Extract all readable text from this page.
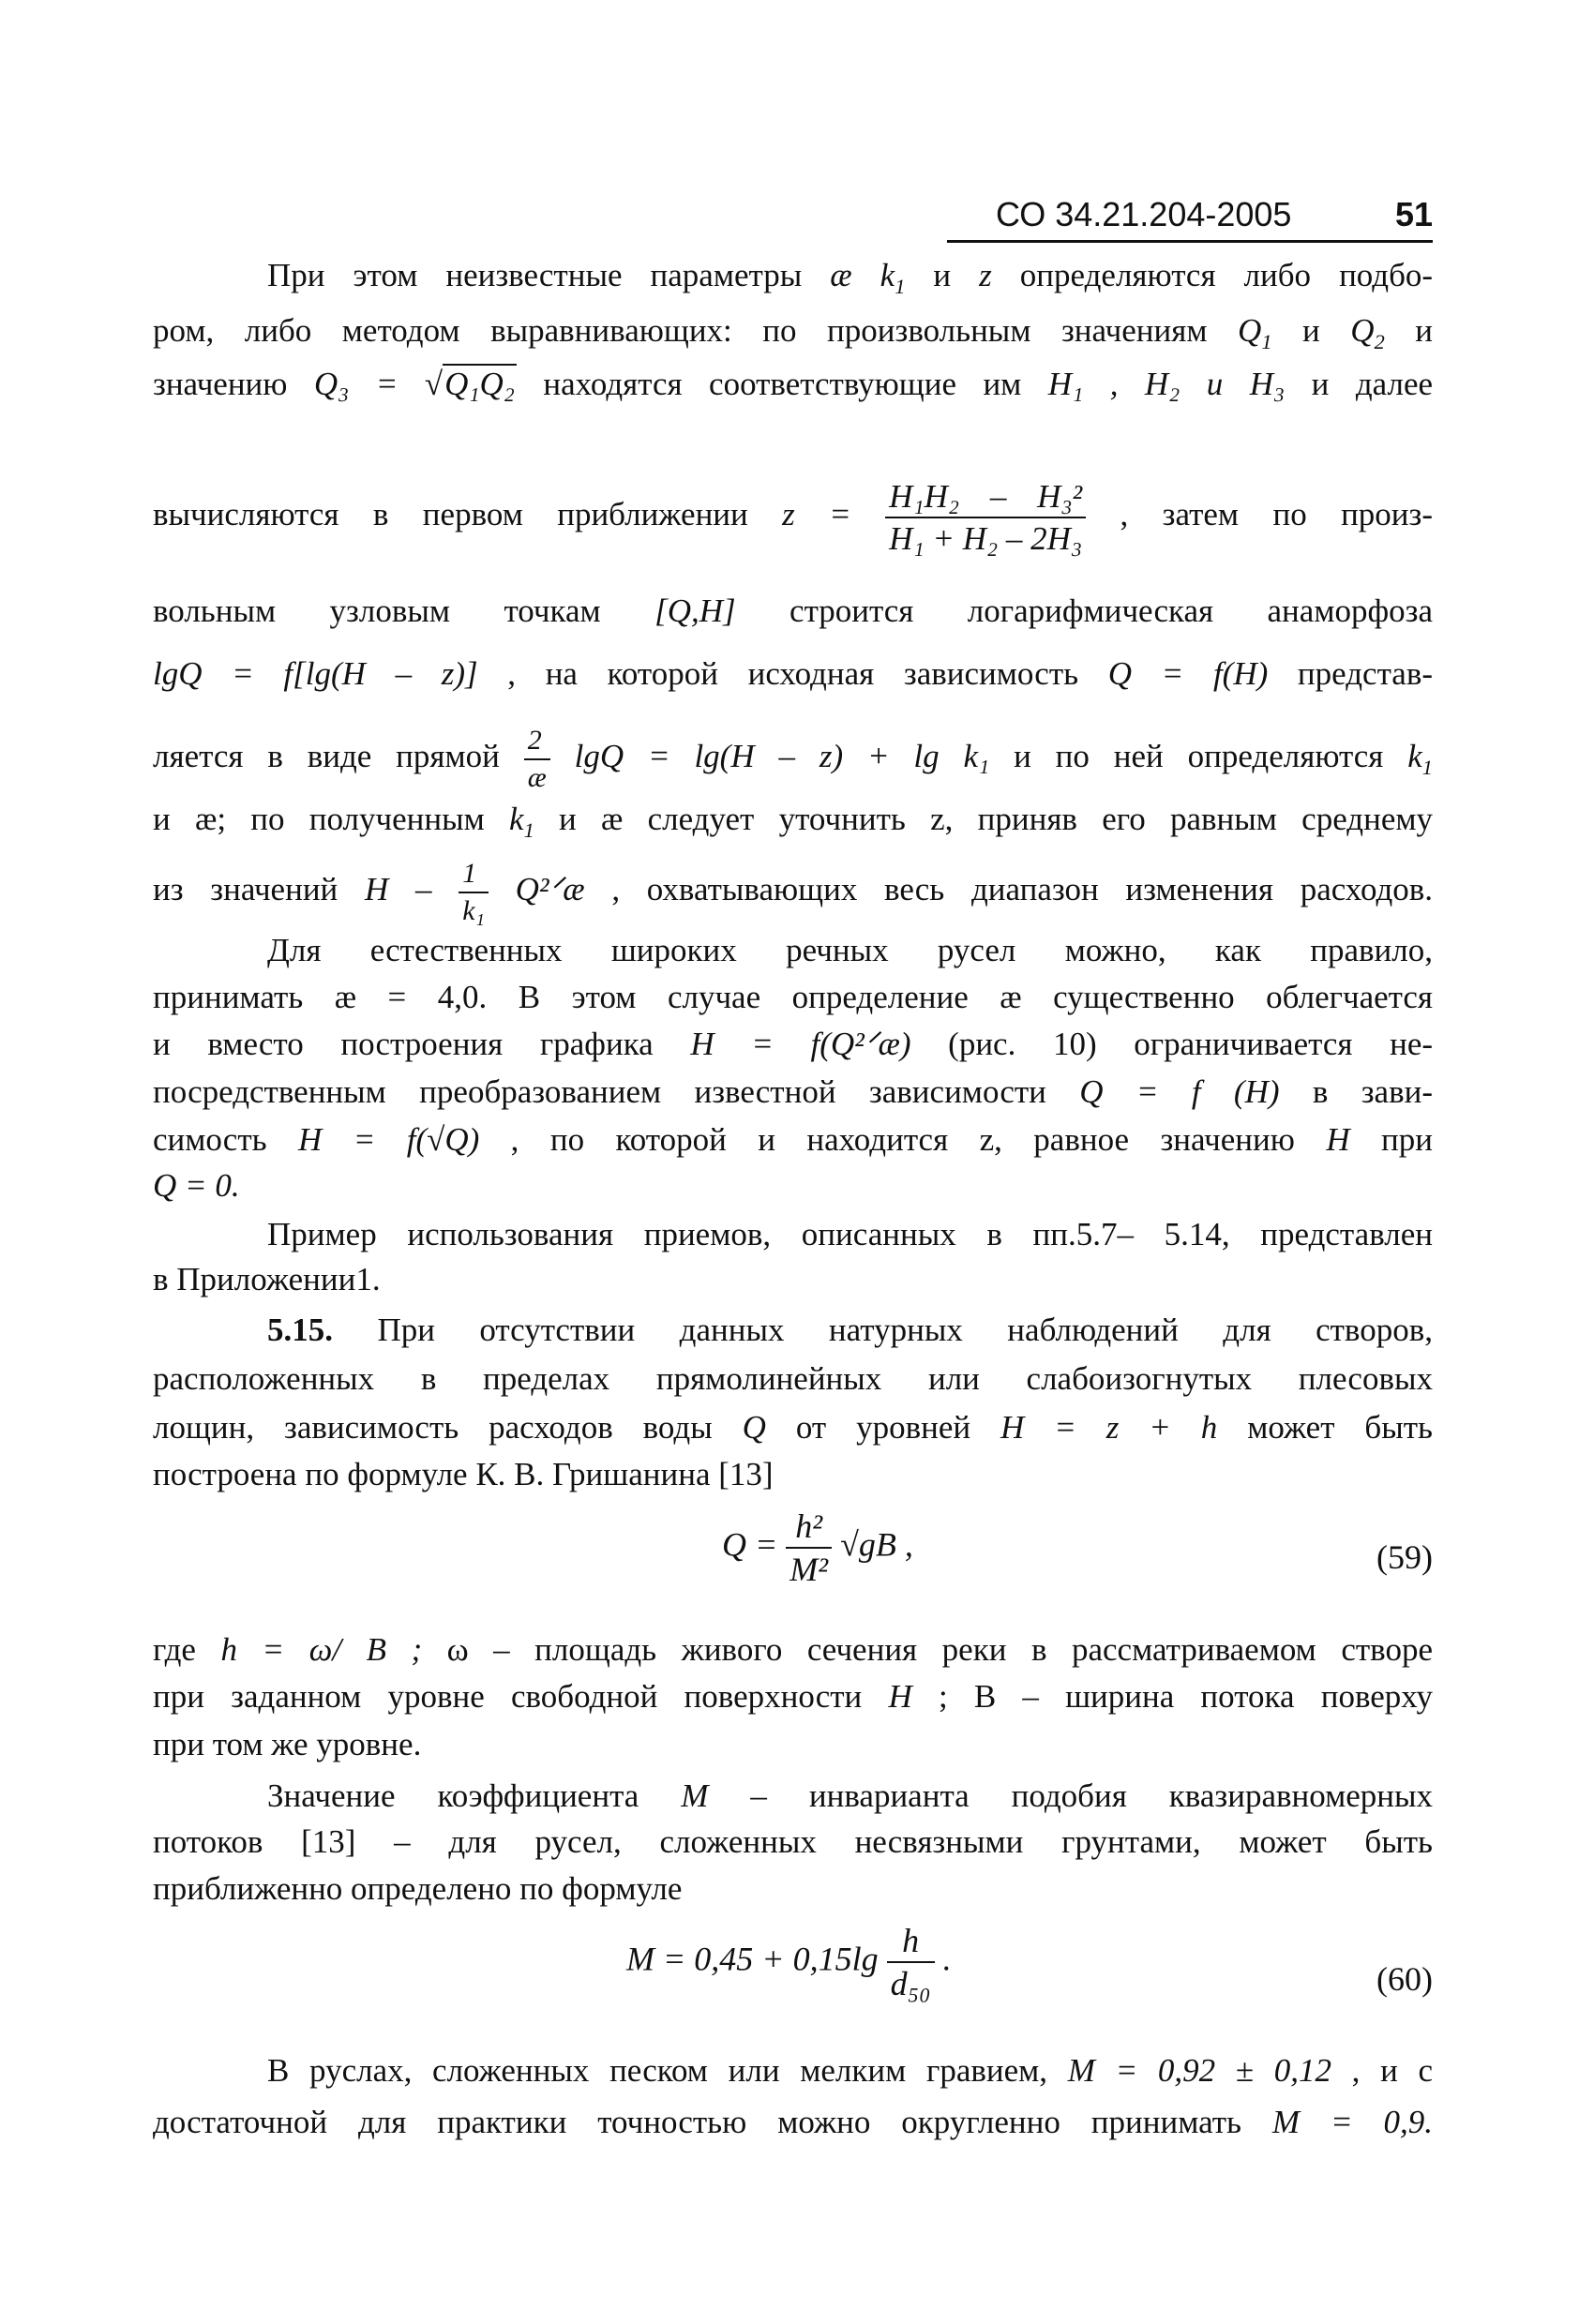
СО 34.21.204-2005	51
При этом неизвестные параметры æ $k_1$ и z определяются либо подбо-
ром, либо методом выравнивающих: по произвольным значениям $Q_1$ и $Q_2$ и
значению Q₃ = √Q₁Q₂ находятся соответствующие им H₁ , H₂ и H₃ и далее
вычисляются в первом приближении $z = \frac{\text{H₁H₂ – H₃²}}{\text{H₁ + H₂ – 2H₃}}$ , затем по произ-
вольным узловым точкам [Q,H] строится логарифмическая анаморфоза
lgQ = f[lg(H – z)] , на которой исходная зависимость Q = f(H) представ-
ляется в виде прямой $\frac{2}{æ}$ lgQ = lg(H – z) + lg k₁ и по ней определяются $k_1$
и æ; по полученным $k_1$ и æ следует уточнить z, приняв его равным среднему
из значений H – $\frac{1}{\text{k₁}}$ Q²ᐟæ , охватывающих весь диапазон изменения расходов.
Для естественных широких речных русел можно, как правило,
принимать æ = 4,0. В этом случае определение æ существенно облегчается
и вместо построения графика H = f(Q²ᐟæ) (рис. 10) ограничивается не-
посредственным преобразованием известной зависимости Q = f (H) в зави-
симость H = f(√Q) , по которой и находится z, равное значению H при
Q = 0.
Пример использования приемов, описанных в пп.5.7– 5.14, представлен
в Приложении1.
5.15. При отсутствии данных натурных наблюдений для створов,
расположенных в пределах прямолинейных или слабоизогнутых плесовых
лощин, зависимость расходов воды Q от уровней H = z + h может быть
построена по формуле К. В. Гришанина [13]
$Q = \frac{\text{h²}}{\text{M²}} √gB$ ,	(59)
где h = ω/ B ; ω – площадь живого сечения реки в рассматриваемом створе
при заданном уровне свободной поверхности H ; B – ширина потока поверху
при том же уровне.
Значение коэффициента M – инварианта подобия квазиравномерных
потоков [13] – для русел, сложенных несвязными грунтами, может быть
приближенно определено по формуле
$M = 0,45 + 0,15\lg \frac{h}{\text{d₅₀}}$ .
(60)
В руслах, сложенных песком или мелким гравием, M = 0,92 ± 0,12 , и с
достаточной для практики точностью можно округленно принимать M = 0,9.
